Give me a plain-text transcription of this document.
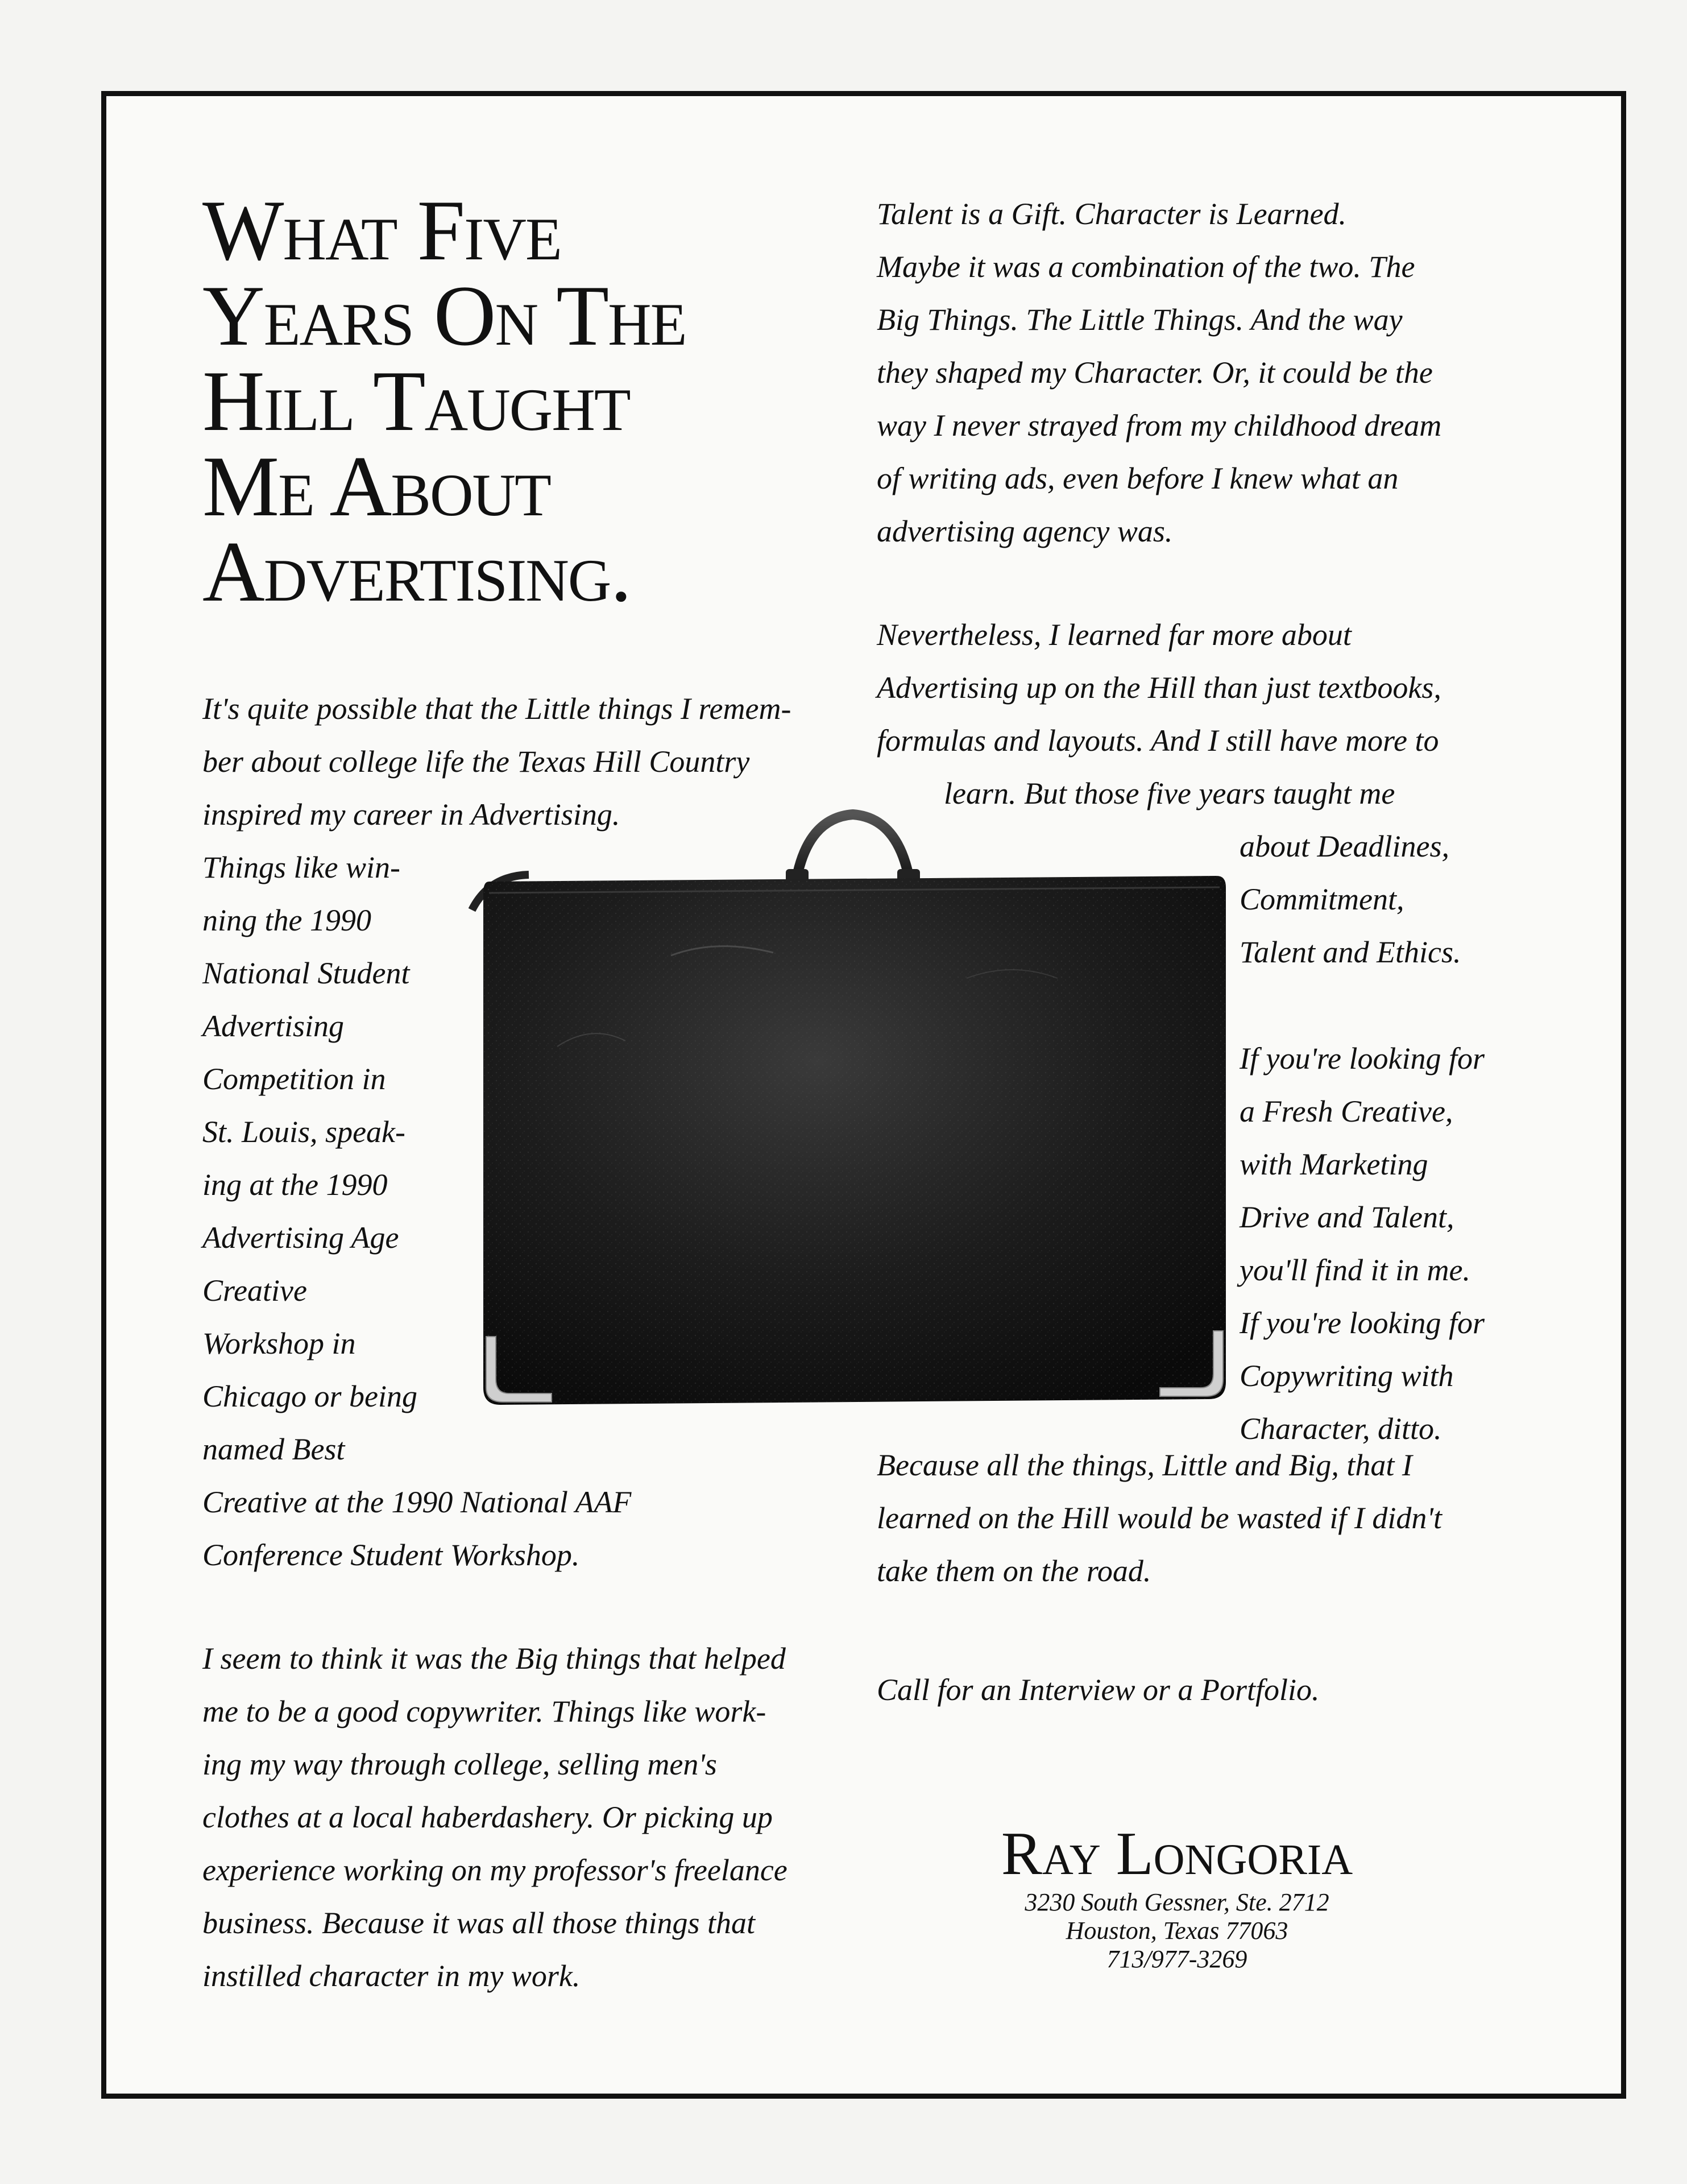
What Five
Years On The
Hill Taught
Me About
Advertising.
It's quite possible that the Little things I remem-
ber about college life the Texas Hill Country
inspired my career in Advertising.
Things like win-
ning the 1990
National Student
Advertising
Competition in
St. Louis, speak-
ing at the 1990
Advertising Age
Creative
Workshop in
Chicago or being
named Best
Creative at the 1990 National AAF
Conference Student Workshop.
I seem to think it was the Big things that helped
me to be a good copywriter. Things like work-
ing my way through college, selling men's
clothes at a local haberdashery. Or picking up
experience working on my professor's freelance
business. Because it was all those things that
instilled character in my work.
Talent is a Gift. Character is Learned.
Maybe it was a combination of the two. The
Big Things. The Little Things. And the way
they shaped my Character. Or, it could be the
way I never strayed from my childhood dream
of writing ads, even before I knew what an
advertising agency was.
Nevertheless, I learned far more about
Advertising up on the Hill than just textbooks,
formulas and layouts. And I still have more to
learn. But those five years taught me
about Deadlines,
Commitment,
Talent and Ethics.
If you're looking for
a Fresh Creative,
with Marketing
Drive and Talent,
you'll find it in me.
If you're looking for
Copywriting with
Character, ditto.
Because all the things, Little and Big, that I
learned on the Hill would be wasted if I didn't
take them on the road.
Call for an Interview or a Portfolio.
Ray Longoria
3230 South Gessner, Ste. 2712
Houston, Texas 77063
713/977-3269
